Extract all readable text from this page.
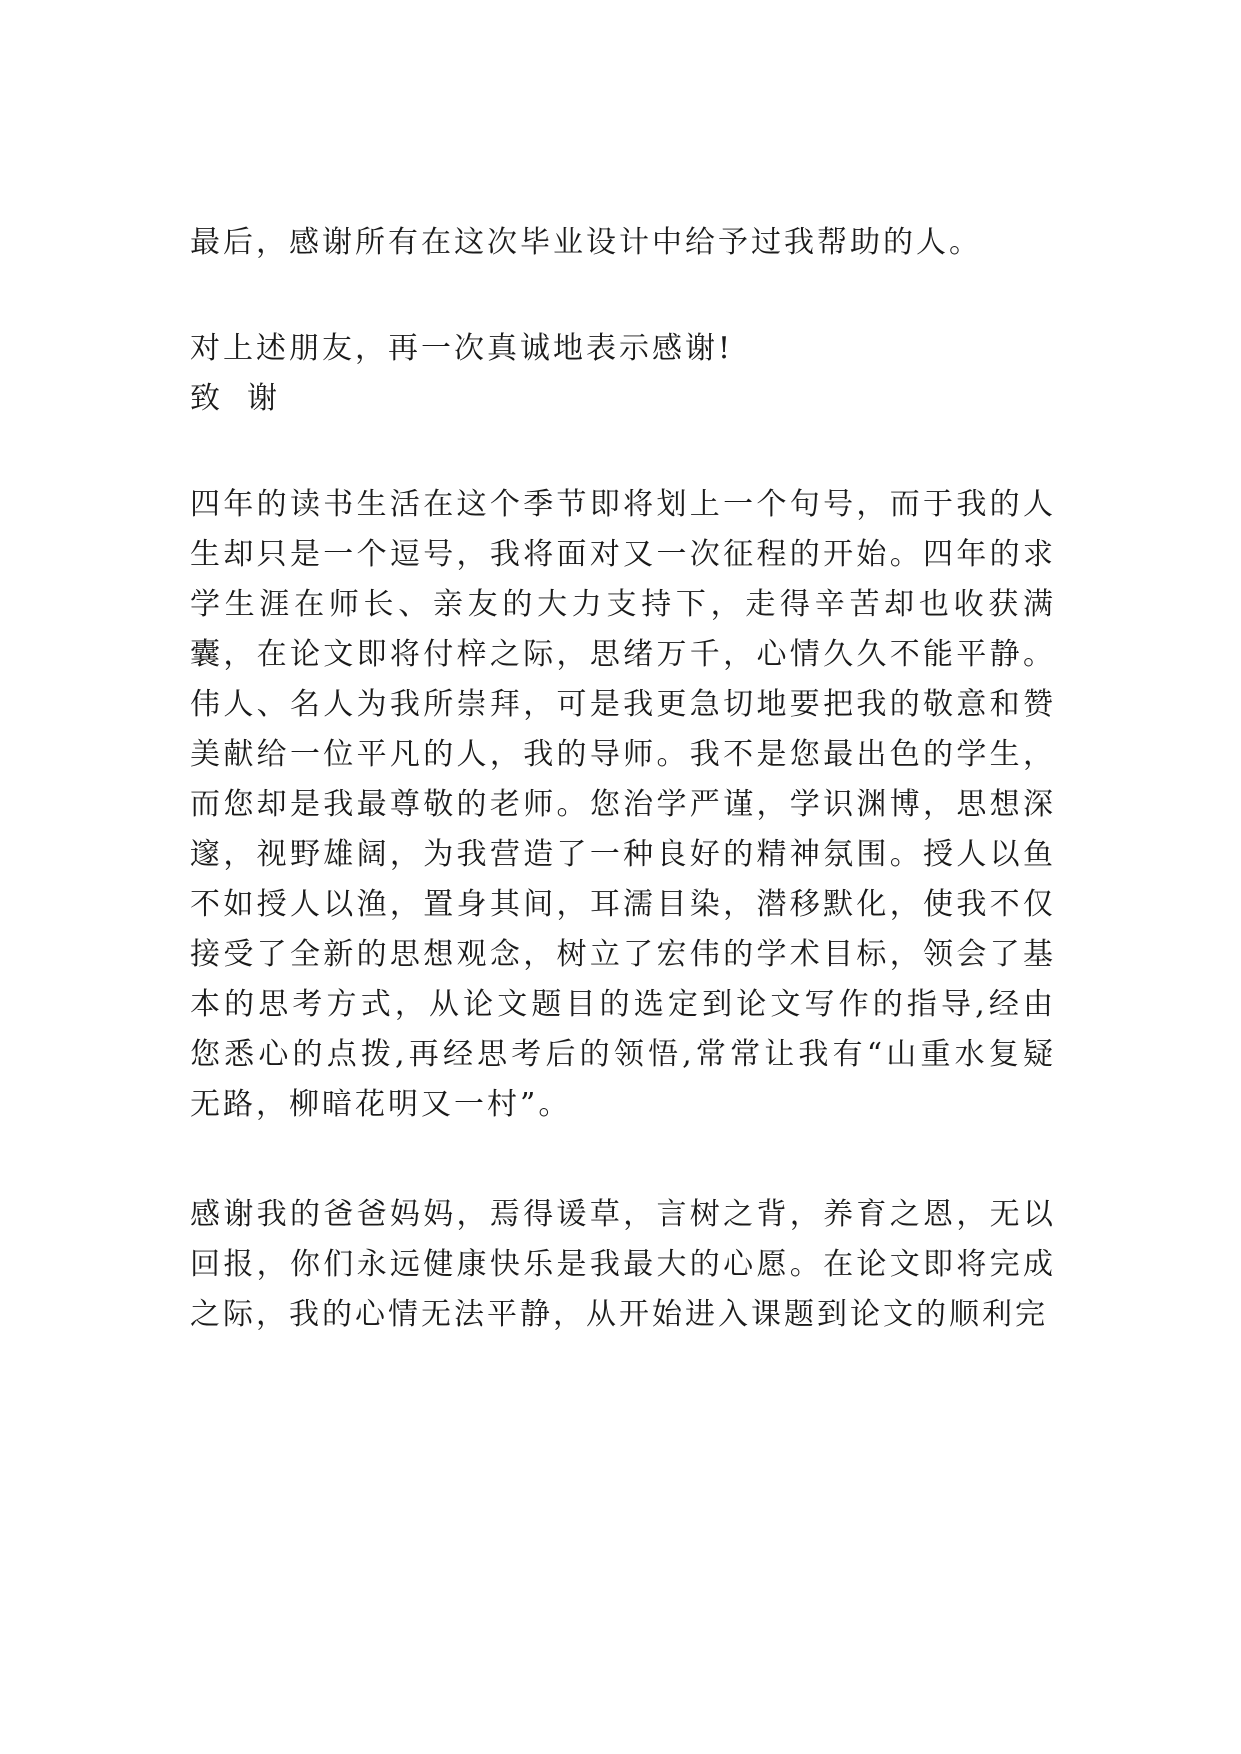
最后，感谢所有在这次毕业设计中给予过我帮助的人。

对上述朋友，再一次真诚地表示感谢!

致 谢

四年的读书生活在这个季节即将划上一个句号，而于我的人生却只是一个逗号，我将面对又一次征程的开始。四年的求学生涯在师长、亲友的大力支持下，走得辛苦却也收获满囊，在论文即将付梓之际，思绪万千，心情久久不能平静。 伟人、名人为我所崇拜，可是我更急切地要把我的敬意和赞美献给一位平凡的人，我的导师。我不是您最出色的学生，而您却是我最尊敬的老师。您治学严谨，学识渊博，思想深邃，视野雄阔，为我营造了一种良好的精神氛围。授人以鱼不如授人以渔，置身其间，耳濡目染，潜移默化，使我不仅接受了全新的思想观念，树立了宏伟的学术目标，领会了基本的思考方式，从论文题目的选定到论文写作的指导,经由您悉心的点拨,再经思考后的领悟,常常让我有“山重水复疑无路，柳暗花明又一村”。

感谢我的爸爸妈妈，焉得谖草，言树之背，养育之恩，无以回报，你们永远健康快乐是我最大的心愿。在论文即将完成之际，我的心情无法平静，从开始进入课题到论文的顺利完
